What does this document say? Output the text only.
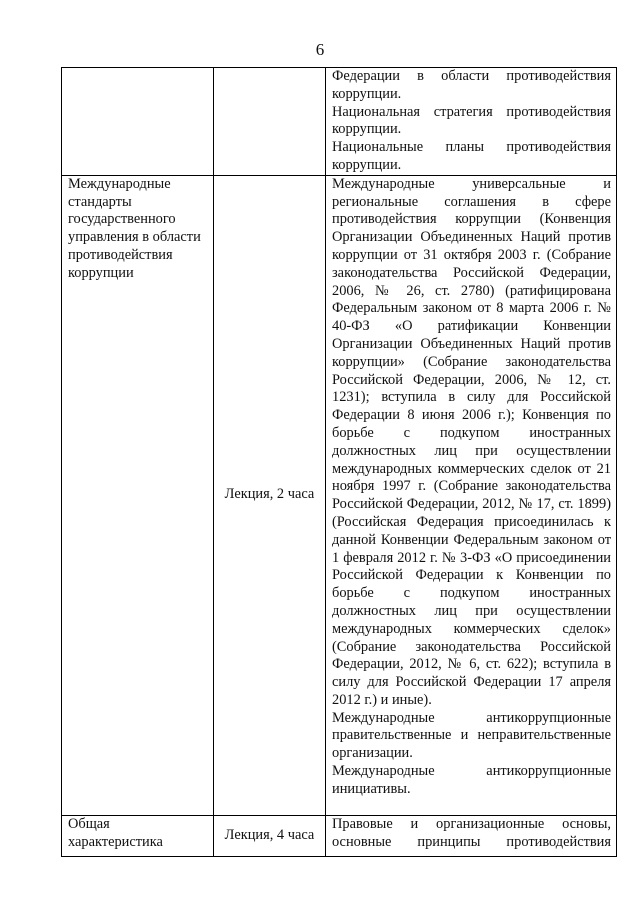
6

		Федерации в области противодействия коррупции.

Национальная стратегия противодействия коррупции.

Национальные планы противодействия коррупции.

Международные стандарты государственного управления в области противодействия коррупции	Лекция, 2 часа	Международные универсальные и региональные соглашения в сфере противодействия коррупции (Конвенция Организации Объединенных Наций против коррупции от 31 октября 2003 г. (Собрание законодательства Российской Федерации, 2006, № 26, ст. 2780) (ратифицирована Федеральным законом от 8 марта 2006 г. № 40-ФЗ «О ратификации Конвенции Организации Объединенных Наций против коррупции» (Собрание законодательства Российской Федерации, 2006, № 12, ст. 1231); вступила в силу для Российской Федерации 8 июня 2006 г.); Конвенция по борьбе с подкупом иностранных должностных лиц при осуществлении международных коммерческих сделок от 21 ноября 1997 г. (Собрание законодательства Российской Федерации, 2012, № 17, ст. 1899) (Российская Федерация присоединилась к данной Конвенции Федеральным законом от 1 февраля 2012 г. № 3-ФЗ «О присоединении Российской Федерации к Конвенции по борьбе с подкупом иностранных должностных лиц при осуществлении международных коммерческих сделок» (Собрание законодательства Российской Федерации, 2012, № 6, ст. 622); вступила в силу для Российской Федерации 17 апреля 2012 г.) и иные).

Международные антикоррупционные правительственные и неправительственные организации.

Международные антикоррупционные инициативы.

Общая характеристика	Лекция, 4 часа	Правовые и организационные основы, основные принципы противодействия
